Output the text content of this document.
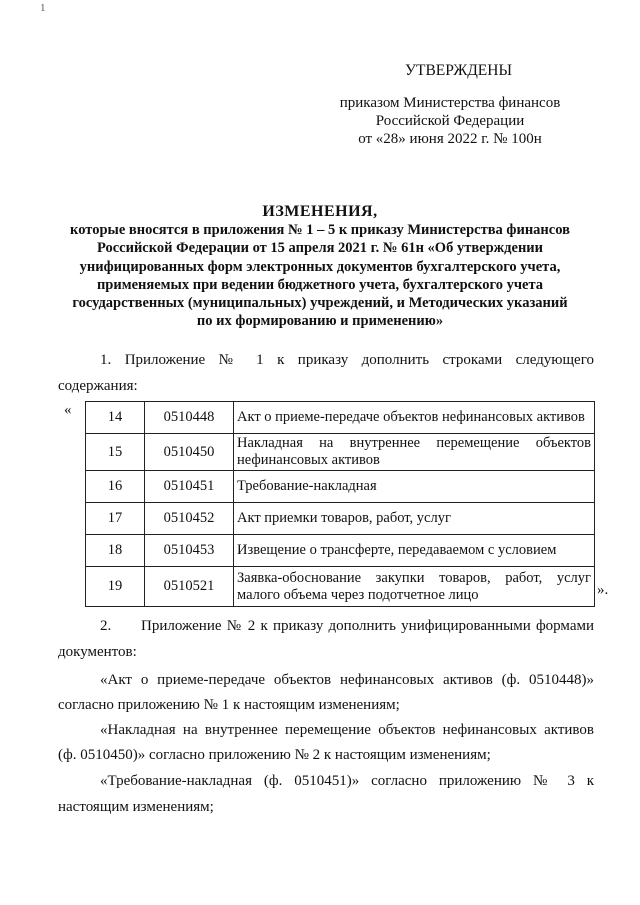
1
УТВЕРЖДЕНЫ
приказом Министерства финансов
Российской Федерации
от «28» июня 2022 г. № 100н
ИЗМЕНЕНИЯ,
которые вносятся в приложения № 1 – 5 к приказу Министерства финансов
Российской Федерации от 15 апреля 2021 г. № 61н «Об утверждении
унифицированных форм электронных документов бухгалтерского учета,
применяемых при ведении бюджетного учета, бухгалтерского учета
государственных (муниципальных) учреждений, и Методических указаний
по их формированию и применению»
1. Приложение № 1 к приказу дополнить строками следующего
содержания:
«	14	0510448	Акт о приеме-передаче объектов нефинансовых активов
15	0510450	Накладная на внутреннее перемещение объектов нефинансовых активов
16	0510451	Требование-накладная
17	0510452	Акт приемки товаров, работ, услуг
18	0510453	Извещение о трансферте, передаваемом с условием
19	0510521	Заявка-обоснование закупки товаров, работ, услуг малого объема через подотчетное лицо	».
2. Приложение № 2 к приказу дополнить унифицированными формами
документов:
«Акт о приеме-передаче объектов нефинансовых активов (ф. 0510448)» согласно приложению № 1 к настоящим изменениям;
«Накладная на внутреннее перемещение объектов нефинансовых активов (ф. 0510450)» согласно приложению № 2 к настоящим изменениям;
«Требование-накладная (ф. 0510451)» согласно приложению № 3 к настоящим изменениям;
